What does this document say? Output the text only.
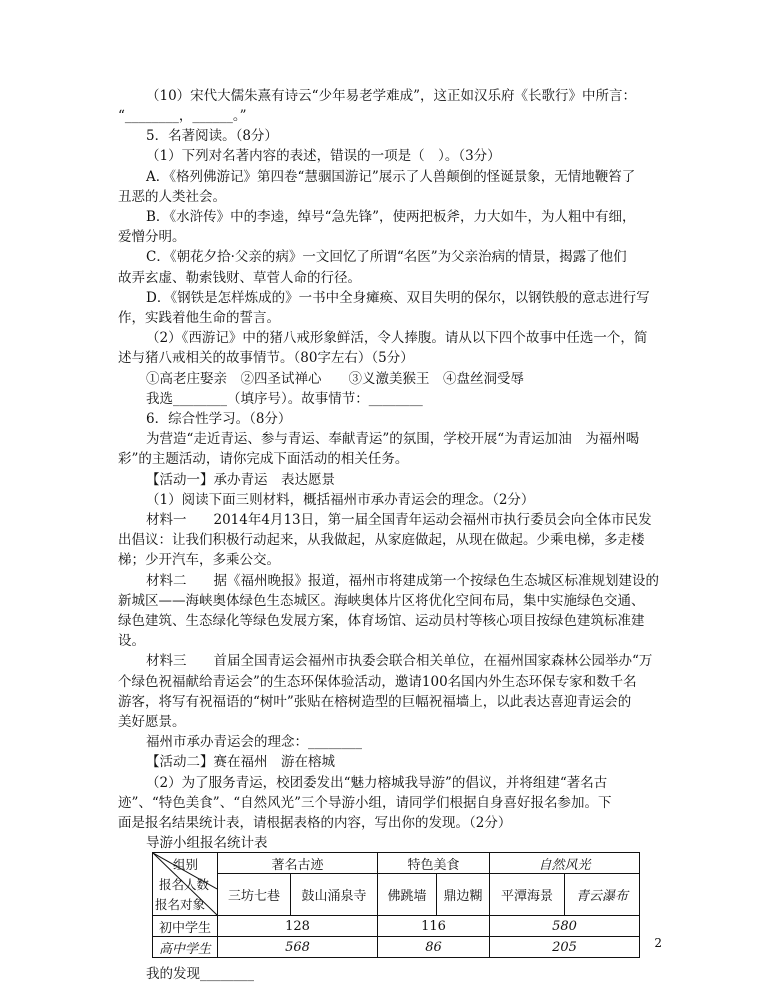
（10）宋代大儒朱熹有诗云“少年易老学难成”，这正如汉乐府《长歌行》中所言：
“________，______。”
5．名著阅读。（8分）
（1）下列对名著内容的表述，错误的一项是（　）。（3分）
A．《格列佛游记》第四卷“慧骃国游记”展示了人兽颠倒的怪诞景象，无情地鞭笞了
丑恶的人类社会。
B．《水浒传》中的李逵，绰号“急先锋”，使两把板斧，力大如牛，为人粗中有细，
爱憎分明。
C．《朝花夕拾·父亲的病》一文回忆了所谓“名医”为父亲治病的情景，揭露了他们
故弄玄虚、勒索钱财、草菅人命的行径。
D．《钢铁是怎样炼成的》一书中全身瘫痪、双目失明的保尔，以钢铁般的意志进行写
作，实践着他生命的誓言。
（2）《西游记》中的猪八戒形象鲜活，令人捧腹。请从以下四个故事中任选一个，简
述与猪八戒相关的故事情节。（80字左右）（5分）
①高老庄娶亲　②四圣试禅心　　③义激美猴王　④盘丝洞受辱
我选________（填序号）。故事情节：________
6．综合性学习。（8分）
为营造“走近青运、参与青运、奉献青运”的氛围，学校开展“为青运加油　为福州喝
彩”的主题活动，请你完成下面活动的相关任务。
【活动一】承办青运　表达愿景
（1）阅读下面三则材料，概括福州市承办青运会的理念。（2分）
材料一　　2014年4月13日，第一届全国青年运动会福州市执行委员会向全体市民发
出倡议：让我们积极行动起来，从我做起，从家庭做起，从现在做起。少乘电梯，多走楼
梯；少开汽车，多乘公交。
材料二　　据《福州晚报》报道，福州市将建成第一个按绿色生态城区标准规划建设的
新城区——海峡奥体绿色生态城区。海峡奥体片区将优化空间布局，集中实施绿色交通、
绿色建筑、生态绿化等绿色发展方案，体育场馆、运动员村等核心项目按绿色建筑标准建
设。
材料三　　首届全国青运会福州市执委会联合相关单位，在福州国家森林公园举办“万
个绿色祝福献给青运会”的生态环保体验活动，邀请100名国内外生态环保专家和数千名
游客，将写有祝福语的“树叶”张贴在榕树造型的巨幅祝福墙上，以此表达喜迎青运会的
美好愿景。
福州市承办青运会的理念：________
【活动二】赛在福州　游在榕城
（2）为了服务青运，校团委发出“魅力榕城我导游”的倡议，并将组建“著名古
迹”、“特色美食”、“自然风光”三个导游小组，请同学们根据自身喜好报名参加。下
面是报名结果统计表，请根据表格的内容，写出你的发现。（2分）
导游小组报名统计表
组别
报名人数
报名对象	著名古迹		特色美食		自然风光	
	三坊七巷	鼓山涌泉寺	佛跳墙	鼎边糊	平潭海景	青云瀑布
初中学生	128		116		580	
高中学生	568		86		205	
我的发现________
2
